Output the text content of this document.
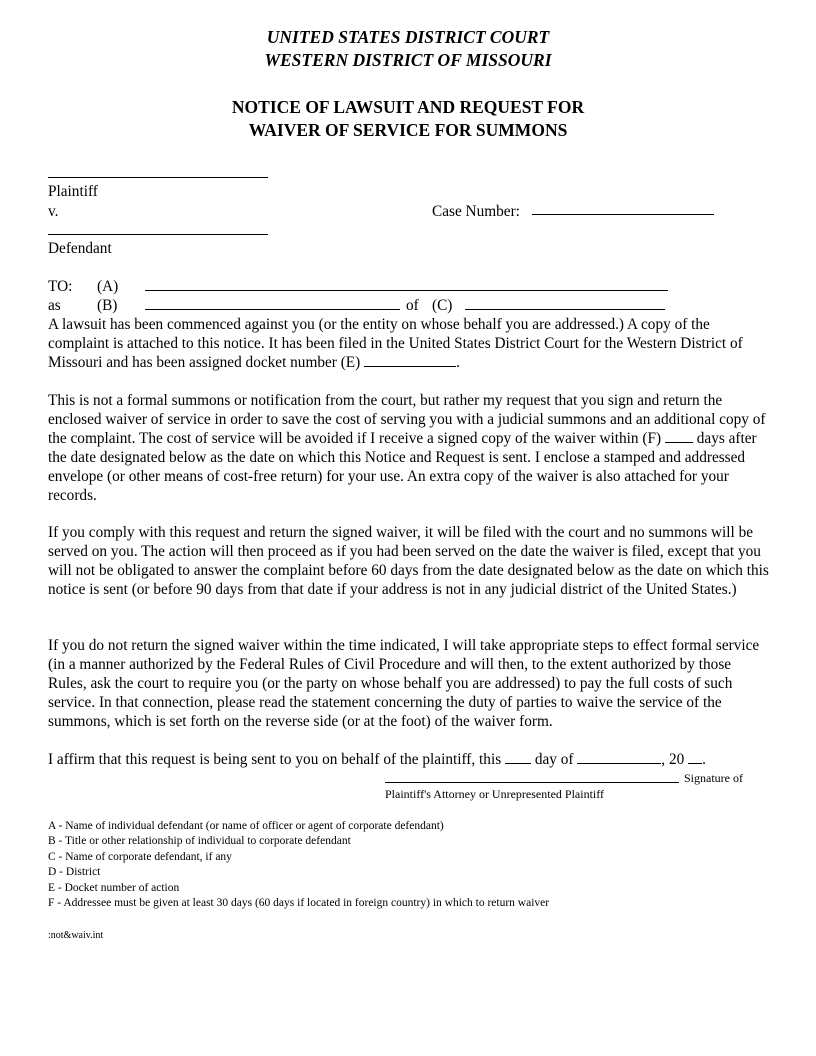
UNITED STATES DISTRICT COURT
WESTERN DISTRICT OF MISSOURI
NOTICE OF LAWSUIT AND REQUEST FOR
WAIVER OF SERVICE FOR SUMMONS
Plaintiff
v.	Case Number:
Defendant
TO: (A)
as (B)	of (C)

A lawsuit has been commenced against you (or the entity on whose behalf you are addressed.) A copy of the complaint is attached to this notice. It has been filed in the United States District Court for the Western District of Missouri and has been assigned docket number (E)	.

This is not a formal summons or notification from the court, but rather my request that you sign and return the enclosed waiver of service in order to save the cost of serving you with a judicial summons and an additional copy of the complaint. The cost of service will be avoided if I receive a signed copy of the waiver within (F) days after the date designated below as the date on which this Notice and Request is sent. I enclose a stamped and addressed envelope (or other means of cost-free return) for your use. An extra copy of the waiver is also attached for your records.

If you comply with this request and return the signed waiver, it will be filed with the court and no summons will be served on you. The action will then proceed as if you had been served on the date the waiver is filed, except that you will not be obligated to answer the complaint before 60 days from the date designated below as the date on which this notice is sent (or before 90 days from that date if your address is not in any judicial district of the United States.)

If you do not return the signed waiver within the time indicated, I will take appropriate steps to effect formal service (in a manner authorized by the Federal Rules of Civil Procedure and will then, to the extent authorized by those Rules, ask the court to require you (or the party on whose behalf you are addressed) to pay the full costs of such service. In that connection, please read the statement concerning the duty of parties to waive the service of the summons, which is set forth on the reverse side (or at the foot) of the waiver form.

I affirm that this request is being sent to you on behalf of the plaintiff, this day of	, 20 .
Signature of
Plaintiff's Attorney or Unrepresented Plaintiff
A - Name of individual defendant (or name of officer or agent of corporate defendant)
B - Title or other relationship of individual to corporate defendant
C - Name of corporate defendant, if any
D - District
E - Docket number of action
F - Addressee must be given at least 30 days (60 days if located in foreign country) in which to return waiver
:not&waiv.int
